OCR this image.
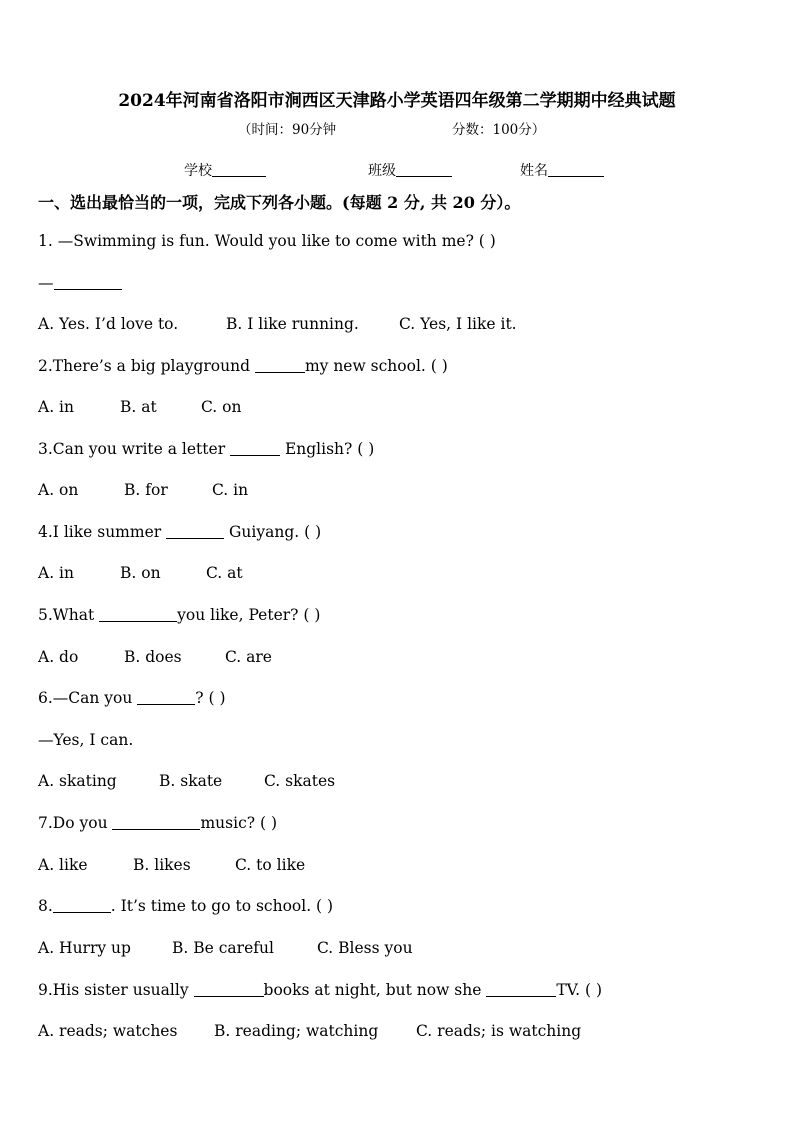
2024年河南省洛阳市涧西区天津路小学英语四年级第二学期期中经典试题
（时间：90分钟	分数：100分）
学校	班级	姓名
一、选出最恰当的一项，完成下列各小题。(每题 2 分, 共 20 分）。
1. —Swimming is fun. Would you like to come with me? ( )
—
A. Yes. I’d love to.	B. I like running.	C. Yes, I like it.
2.There’s a big playground	my new school. ( )
A. in	B. at	C. on
3.Can you write a letter	English? ( )
A. on	B. for	C. in
4.I like summer	Guiyang. ( )
A. in	B. on	C. at
5.What	you like, Peter? ( )
A. do	B. does	C. are
6.—Can you	? ( )
—Yes, I can.
A. skating	B. skate	C. skates
7.Do you	music? ( )
A. like	B. likes	C. to like
8.	. It’s time to go to school. ( )
A. Hurry up	B. Be careful	C. Bless you
9.His sister usually	books at night, but now she	TV. ( )
A. reads; watches B. reading; watching C. reads; is watching
